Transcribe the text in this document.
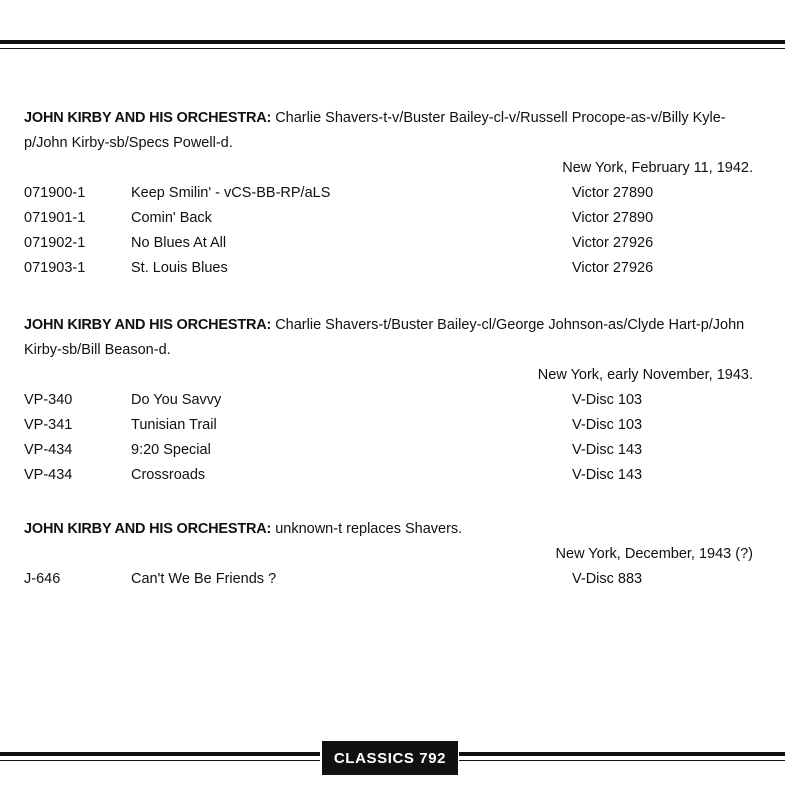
JOHN KIRBY AND HIS ORCHESTRA: Charlie Shavers-t-v/Buster Bailey-cl-v/Russell Procope-as-v/Billy Kyle-
p/John Kirby-sb/Specs Powell-d.
New York, February 11, 1942.
071900-1	Keep Smilin' - vCS-BB-RP/aLS	Victor 27890
071901-1	Comin' Back	Victor 27890
071902-1	No Blues At All	Victor 27926
071903-1	St. Louis Blues	Victor 27926
JOHN KIRBY AND HIS ORCHESTRA: Charlie Shavers-t/Buster Bailey-cl/George Johnson-as/Clyde Hart-p/John
Kirby-sb/Bill Beason-d.
New York, early November, 1943.
VP-340	Do You Savvy	V-Disc 103
VP-341	Tunisian Trail	V-Disc 103
VP-434	9:20 Special	V-Disc 143
VP-434	Crossroads	V-Disc 143
JOHN KIRBY AND HIS ORCHESTRA: unknown-t replaces Shavers.
New York, December, 1943 (?)
J-646	Can't We Be Friends ?	V-Disc 883
CLASSICS 792
